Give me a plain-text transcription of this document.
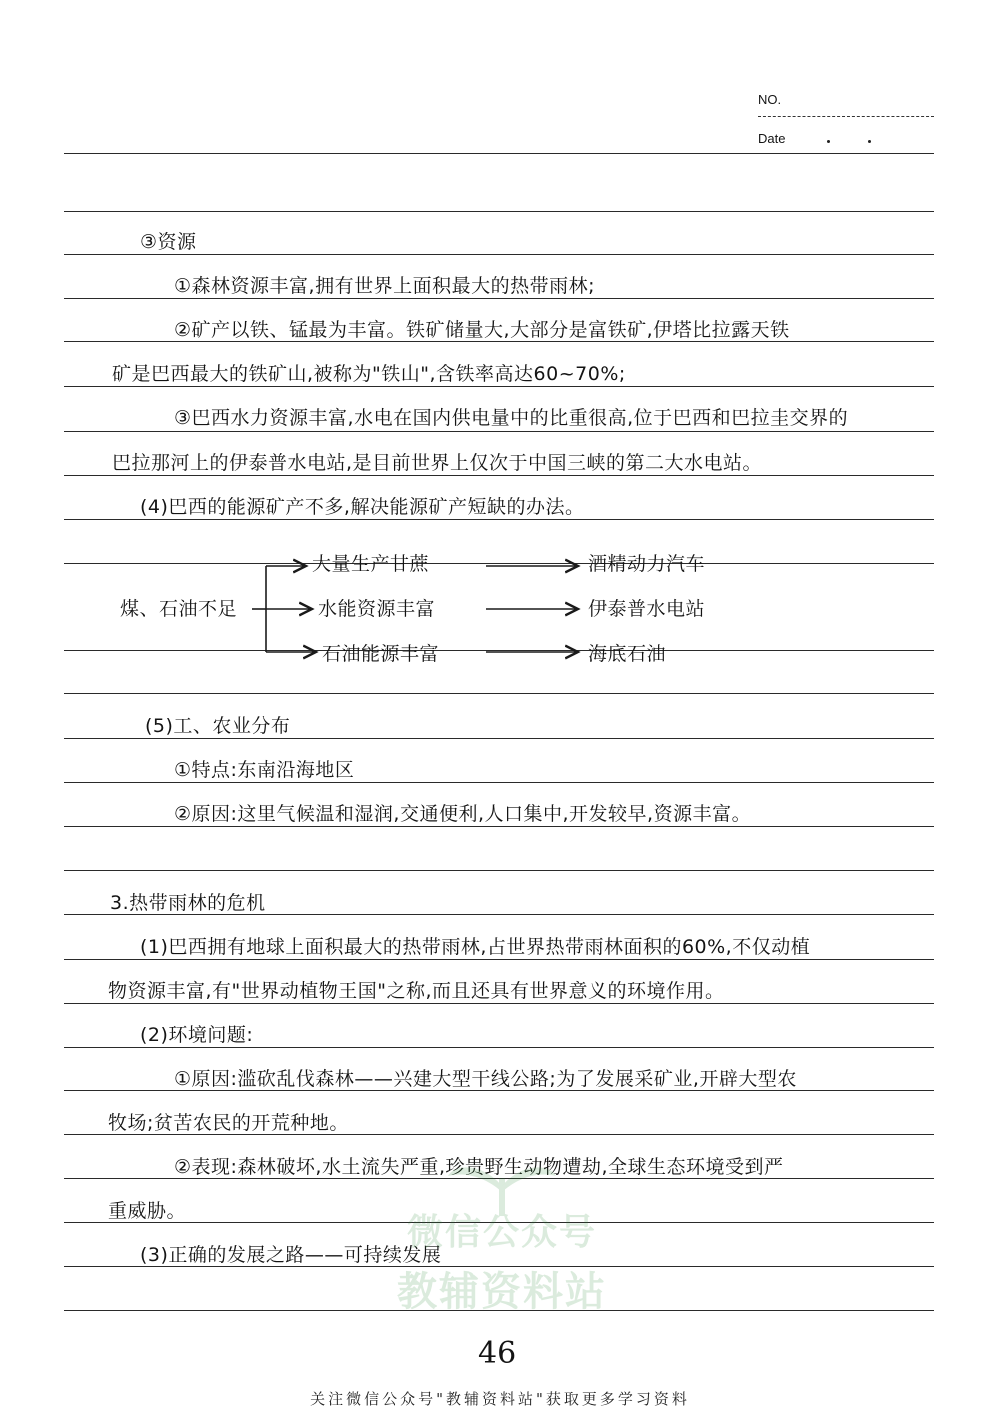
NO.
Date
③资源
①森林资源丰富,拥有世界上面积最大的热带雨林;
②矿产以铁、锰最为丰富。铁矿储量大,大部分是富铁矿,伊塔比拉露天铁
矿是巴西最大的铁矿山,被称为"铁山",含铁率高达60~70%;
③巴西水力资源丰富,水电在国内供电量中的比重很高,位于巴西和巴拉圭交界的
巴拉那河上的伊泰普水电站,是目前世界上仅次于中国三峡的第二大水电站。
(4)巴西的能源矿产不多,解决能源矿产短缺的办法。
(5)工、农业分布
①特点:东南沿海地区
②原因:这里气候温和湿润,交通便利,人口集中,开发较早,资源丰富。
3.热带雨林的危机
(1)巴西拥有地球上面积最大的热带雨林,占世界热带雨林面积的60%,不仅动植
物资源丰富,有"世界动植物王国"之称,而且还具有世界意义的环境作用。
(2)环境问题:
①原因:滥砍乱伐森林——兴建大型干线公路;为了发展采矿业,开辟大型农
牧场;贫苦农民的开荒种地。
②表现:森林破坏,水土流失严重,珍贵野生动物遭劫,全球生态环境受到严
重威胁。
(3)正确的发展之路——可持续发展
煤、石油不足
大量生产甘蔗	酒精动力汽车
水能资源丰富	伊泰普水电站
石油能源丰富	海底石油
微信公众号
教辅资料站
46
关注微信公众号"教辅资料站"获取更多学习资料
